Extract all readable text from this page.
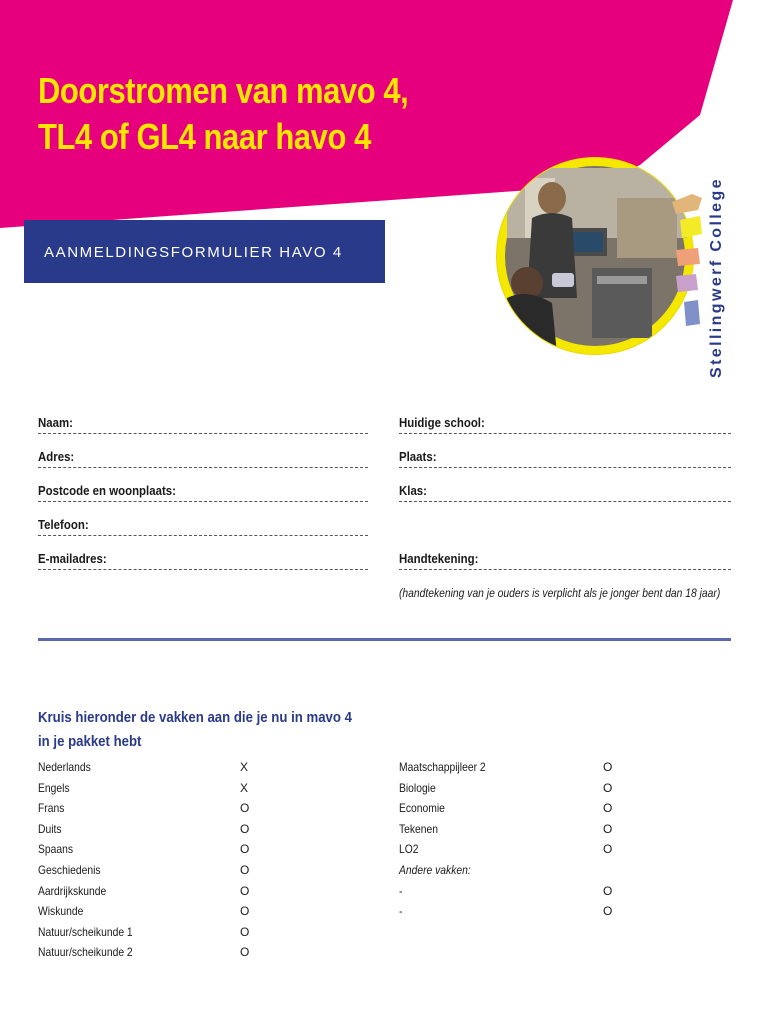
Doorstromen van mavo 4,
TL4 of GL4 naar havo 4
AANMELDINGSFORMULIER HAVO 4	Stellingwerf College
Naam:	Huidige school:
Adres:	Plaats:
Postcode en woonplaats:	Klas:
Telefoon:
E-mailadres:	Handtekening:
(handtekening van je ouders is verplicht als je jonger bent dan 18 jaar)
Kruis hieronder de vakken aan die je nu in mavo 4
in je pakket hebt
Nederlands	X
Engels	X
Frans	O
Duits	O
Spaans	O
Geschiedenis	O
Aardrijkskunde	O
Wiskunde	O
Natuur/scheikunde 1	O
Natuur/scheikunde 2	O
Maatschappijleer 2	O
Biologie	O
Economie	O
Tekenen	O
LO2	O
Andere vakken:
-	O
-	O
